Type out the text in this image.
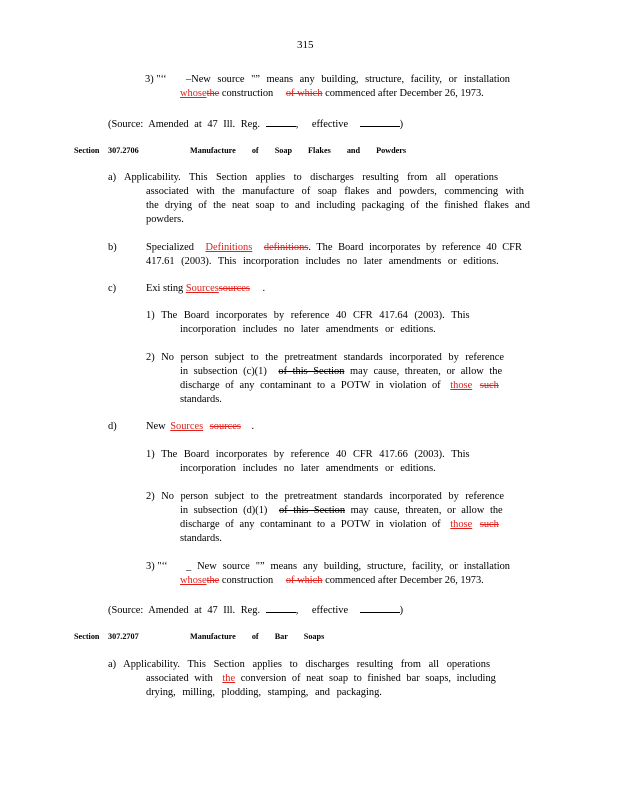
315
3) "‘‘ –New source "” means any building, structure, facility, or installation
whosethe construction of which commenced after December 26, 1973.
(Source: Amended at 47 Ill. Reg.	, effective	)
Section 307.2706	Manufacture of Soap Flakes and Powders
a) Applicability. This Section applies to discharges resulting from all operations
associated with the manufacture of soap flakes and powders, commencing with
the drying of the neat soap to and including packaging of the finished flakes and
powders.
b)	Specialized Definitions definitions. The Board incorporates by reference 40 CFR
417.61 (2003). This incorporation includes no later amendments or editions.
c)	Exi sting Sourcessources .
1) The Board incorporates by reference 40 CFR 417.64 (2003). This
incorporation includes no later amendments or editions.
2) No person subject to the pretreatment standards incorporated by reference
in subsection (c)(1) of this Section may cause, threaten, or allow the
discharge of any contaminant to a POTW in violation of those such
standards.
d)	New Sources sources .
1) The Board incorporates by reference 40 CFR 417.66 (2003). This
incorporation includes no later amendments or editions.
2) No person subject to the pretreatment standards incorporated by reference
in subsection (d)(1) of this Section may cause, threaten, or allow the
discharge of any contaminant to a POTW in violation of those such
standards.
3) "‘‘ _ New source "” means any building, structure, facility, or installation
whosethe construction of which commenced after December 26, 1973.
(Source: Amended at 47 Ill. Reg.	, effective	)
Section 307.2707	Manufacture of Bar Soaps
a) Applicability. This Section applies to discharges resulting from all operations
associated with the conversion of neat soap to finished bar soaps, including
drying, milling, plodding, stamping, and packaging.
